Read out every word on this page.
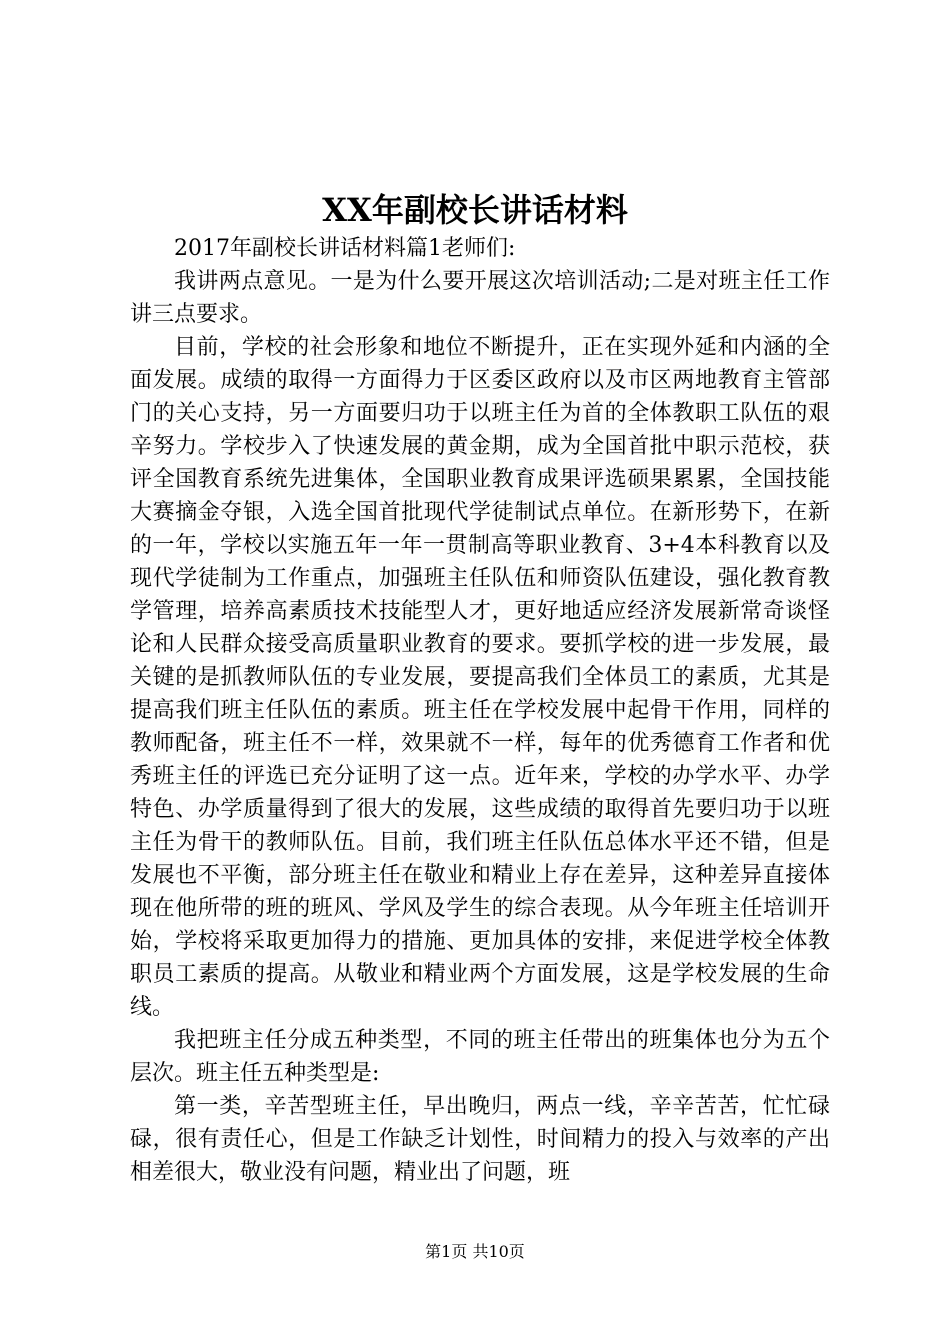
XX年副校长讲话材料

2017年副校长讲话材料篇1老师们:

我讲两点意见。一是为什么要开展这次培训活动;二是对班主任工作讲三点要求。

目前，学校的社会形象和地位不断提升，正在实现外延和内涵的全面发展。成绩的取得一方面得力于区委区政府以及市区两地教育主管部门的关心支持，另一方面要归功于以班主任为首的全体教职工队伍的艰辛努力。学校步入了快速发展的黄金期，成为全国首批中职示范校，获评全国教育系统先进集体，全国职业教育成果评选硕果累累，全国技能大赛摘金夺银，入选全国首批现代学徒制试点单位。在新形势下，在新的一年，学校以实施五年一年一贯制高等职业教育、3+4本科教育以及现代学徒制为工作重点，加强班主任队伍和师资队伍建设，强化教育教学管理，培养高素质技术技能型人才，更好地适应经济发展新常奇谈怪论和人民群众接受高质量职业教育的要求。要抓学校的进一步发展，最关键的是抓教师队伍的专业发展，要提高我们全体员工的素质，尤其是提高我们班主任队伍的素质。班主任在学校发展中起骨干作用，同样的教师配备，班主任不一样，效果就不一样，每年的优秀德育工作者和优秀班主任的评选已充分证明了这一点。近年来，学校的办学水平、办学特色、办学质量得到了很大的发展，这些成绩的取得首先要归功于以班主任为骨干的教师队伍。目前，我们班主任队伍总体水平还不错，但是发展也不平衡，部分班主任在敬业和精业上存在差异，这种差异直接体现在他所带的班的班风、学风及学生的综合表现。从今年班主任培训开始，学校将采取更加得力的措施、更加具体的安排，来促进学校全体教职员工素质的提高。从敬业和精业两个方面发展，这是学校发展的生命线。

我把班主任分成五种类型，不同的班主任带出的班集体也分为五个层次。班主任五种类型是:

第一类，辛苦型班主任，早出晚归，两点一线，辛辛苦苦，忙忙碌碌，很有责任心，但是工作缺乏计划性，时间精力的投入与效率的产出相差很大，敬业没有问题，精业出了问题，班

第1页 共10页
